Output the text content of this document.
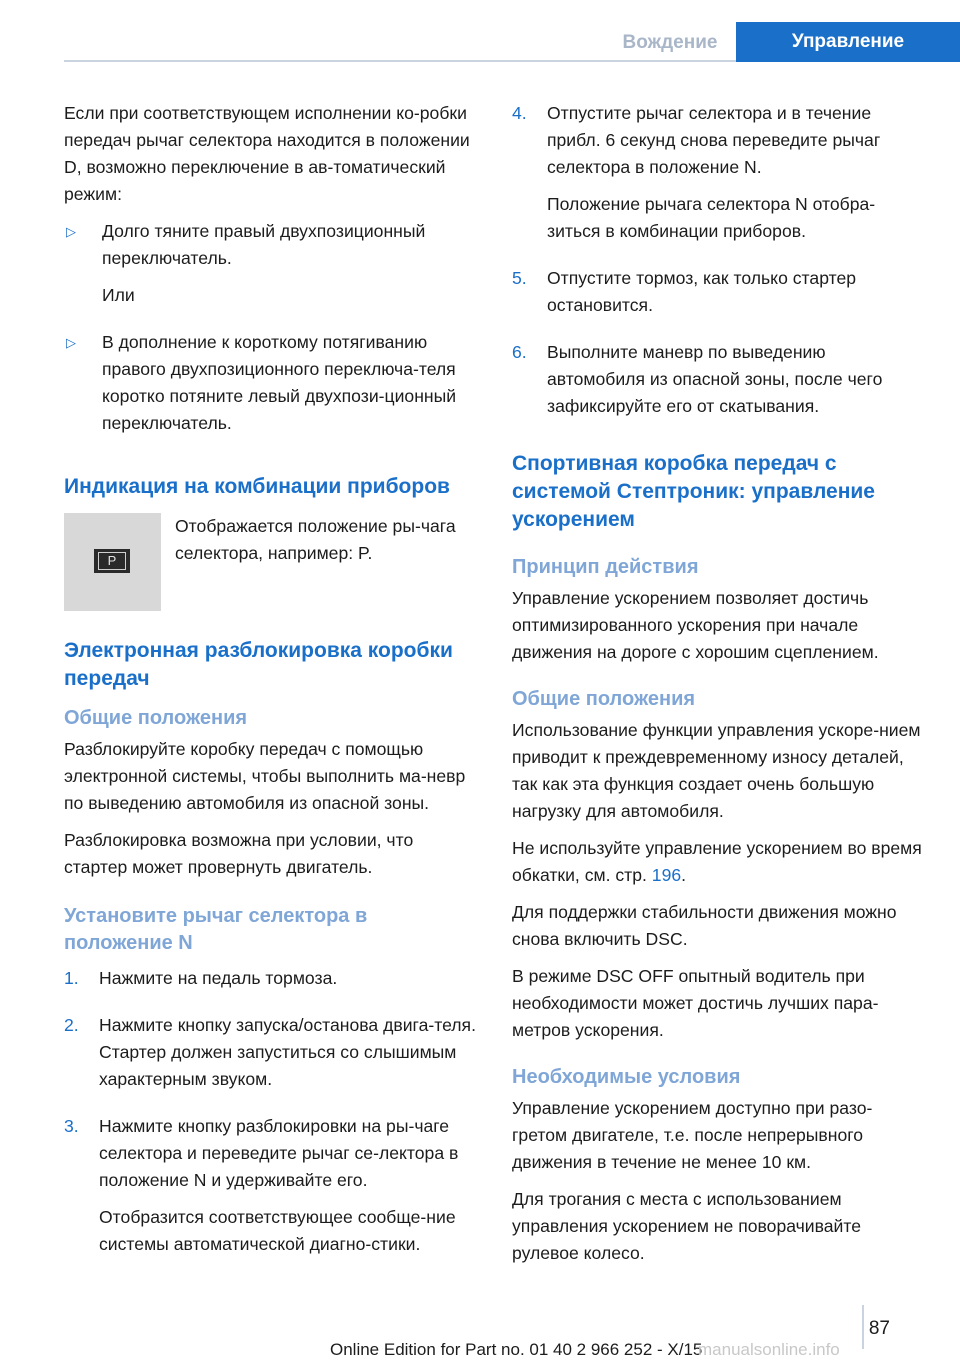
Вождение	Управление

Если при соответствующем исполнении ко-робки передач рычаг селектора находится в положении D, возможно переключение в ав-томатический режим:

▷	Долго тяните правый двухпозиционный переключатель.

Или

▷	В дополнение к короткому потягиванию правого двухпозиционного переключа-теля коротко потяните левый двухпози-ционный переключатель.

Индикация на комбинации приборов
P

Отображается положение ры-чага селектора, например: P.

Электронная разблокировка коробки передач
Общие положения

Разблокируйте коробку передач с помощью электронной системы, чтобы выполнить ма-невр по выведению автомобиля из опасной зоны.

Разблокировка возможна при условии, что стартер может провернуть двигатель.

Установите рычаг селектора в положение N
1.	Нажмите на педаль тормоза.

2.	Нажмите кнопку запуска/останова двига-теля. Стартер должен запуститься со слышимым характерным звуком.

3.	Нажмите кнопку разблокировки на ры-чаге селектора и переведите рычаг се-лектора в положение N и удерживайте его.

Отобразится соответствующее сообще-ние системы автоматической диагно-стики.

4.	Отпустите рычаг селектора и в течение прибл. 6 секунд снова переведите рычаг селектора в положение N.

Положение рычага селектора N отобра-зиться в комбинации приборов.

5.	Отпустите тормоз, как только стартер остановится.

6.	Выполните маневр по выведению автомобиля из опасной зоны, после чего зафиксируйте его от скатывания.

Спортивная коробка передач с системой Стептроник: управление ускорением
Принцип действия

Управление ускорением позволяет достичь оптимизированного ускорения при начале движения на дороге с хорошим сцеплением.

Общие положения

Использование функции управления ускоре-нием приводит к преждевременному износу деталей, так как эта функция создает очень большую нагрузку для автомобиля.

Не используйте управление ускорением во время обкатки, см. стр. 196.

Для поддержки стабильности движения можно снова включить DSC.

В режиме DSC OFF опытный водитель при необходимости может достичь лучших пара-метров ускорения.

Необходимые условия

Управление ускорением доступно при разо-гретом двигателе, т.е. после непрерывного движения в течение не менее 10 км.

Для трогания с места с использованием управления ускорением не поворачивайте рулевое колесо.

87
Online Edition for Part no. 01 40 2 966 252 - X/15
manualsonline.info
